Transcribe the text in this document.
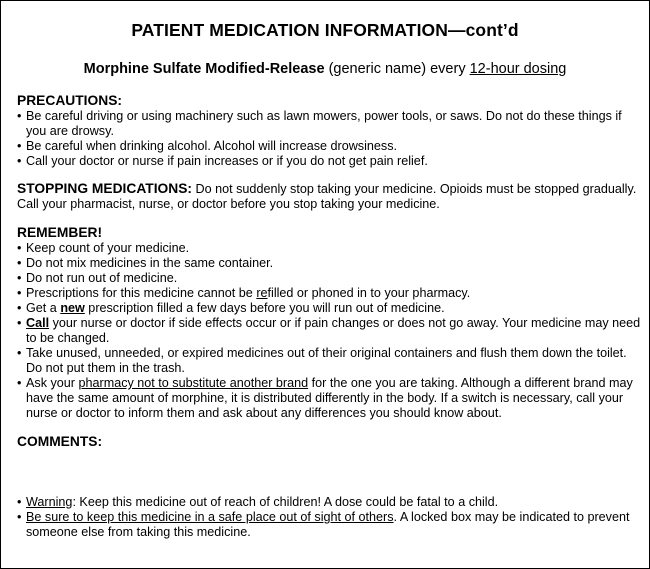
PATIENT MEDICATION INFORMATION—cont’d
Morphine Sulfate Modified-Release (generic name) every 12-hour dosing
PRECAUTIONS:
• Be careful driving or using machinery such as lawn mowers, power tools, or saws. Do not do these things if you are drowsy.
• Be careful when drinking alcohol. Alcohol will increase drowsiness.
• Call your doctor or nurse if pain increases or if you do not get pain relief.

STOPPING MEDICATIONS: Do not suddenly stop taking your medicine. Opioids must be stopped gradually. Call your pharmacist, nurse, or doctor before you stop taking your medicine.

REMEMBER!
• Keep count of your medicine.
• Do not mix medicines in the same container.
• Do not run out of medicine.
• Prescriptions for this medicine cannot be refilled or phoned in to your pharmacy.
• Get a new prescription filled a few days before you will run out of medicine.
• Call your nurse or doctor if side effects occur or if pain changes or does not go away. Your medicine may need to be changed.
• Take unused, unneeded, or expired medicines out of their original containers and flush them down the toilet. Do not put them in the trash.
• Ask your pharmacy not to substitute another brand for the one you are taking. Although a different brand may have the same amount of morphine, it is distributed differently in the body. If a switch is necessary, call your nurse or doctor to inform them and ask about any differences you should know about.
COMMENTS:
• Warning: Keep this medicine out of reach of children! A dose could be fatal to a child.
• Be sure to keep this medicine in a safe place out of sight of others. A locked box may be indicated to prevent someone else from taking this medicine.
